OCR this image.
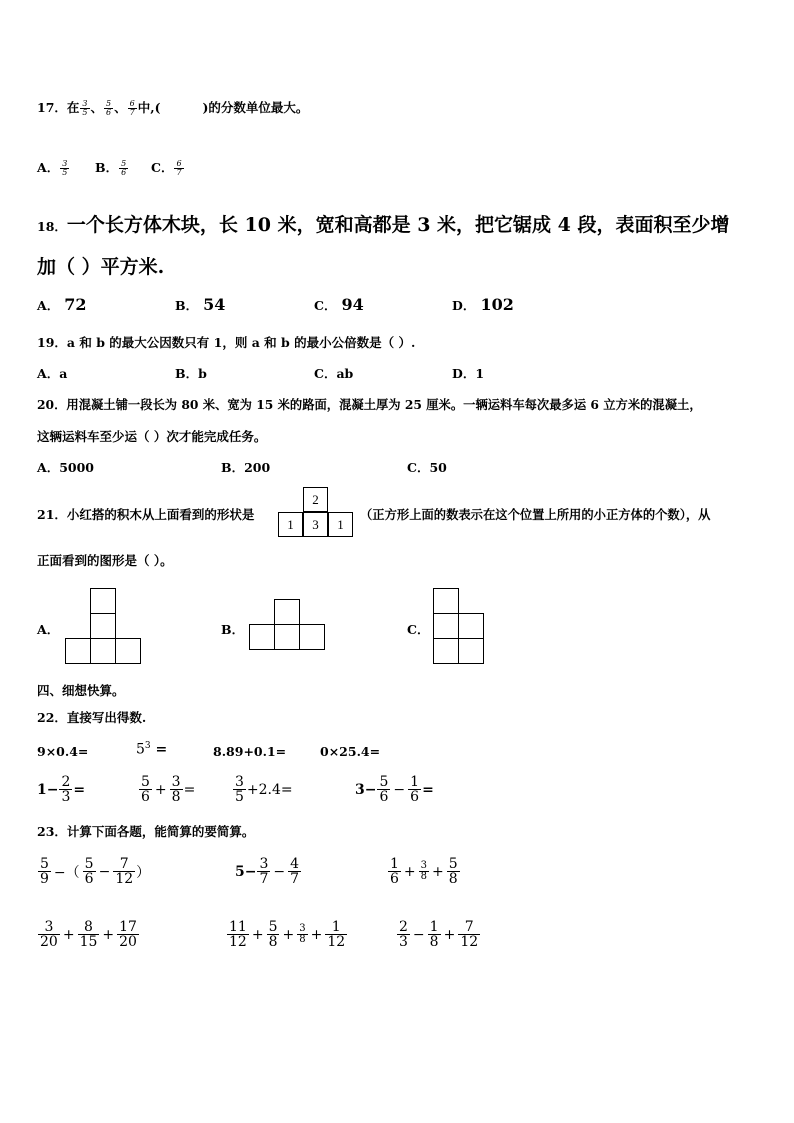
17．在 $\frac{3}{5}$ 、 $\frac{5}{6}$ 、 $\frac{6}{7}$ 中,(	)的分数单位最大。
A． $\frac{3}{5}$ B． $\frac{5}{6}$ C． $\frac{6}{7}$
18．一个长方体木块，长 10 米，宽和高都是 3 米，把它锯成 4 段，表面积至少增
加（ ）平方米.
A． 72	B． 54	C． 94	D． 102
19．a 和 b 的最大公因数只有 1，则 a 和 b 的最小公倍数是（ ）.
A．a	B．b	C．ab	D．1
20．用混凝土铺一段长为 80 米、宽为 15 米的路面，混凝土厚为 25 厘米。一辆运料车每次最多运 6 立方米的混凝土，
这辆运料车至少运（ ）次才能完成任务。
A．5000	B．200	C．50
21．小红搭的积木从上面看到的形状是
2
1	3	1
（正方形上面的数表示在这个位置上所用的小正方体的个数），从
正面看到的图形是（ ）。
A．	B．	C．
四、细想快算。
22．直接写出得数.
9×0.4=	$5^3$ =	8.89+0.1=	0×25.4=
$1- \frac{2}{3}$ =	$\frac{5}{6} + \frac{3}{8}$ =	$\frac{3}{5} +2.4=$	$3- \frac{5}{6} - \frac{1}{6}$ =
23．计算下面各题，能简算的要简算。
$\frac{5}{9}$ −（ $\frac{5}{6} - \frac{7}{12}$ ）	$5- \frac{3}{7} - \frac{4}{7}$	$\frac{1}{6} + \frac{3}{8} + \frac{5}{8}$
$\frac{3}{20} + \frac{8}{15} + \frac{17}{20}$	$\frac{11}{12} + \frac{5}{8} + \frac{3}{8} + \frac{1}{12}$	$\frac{2}{3} - \frac{1}{8} + \frac{7}{12}$
